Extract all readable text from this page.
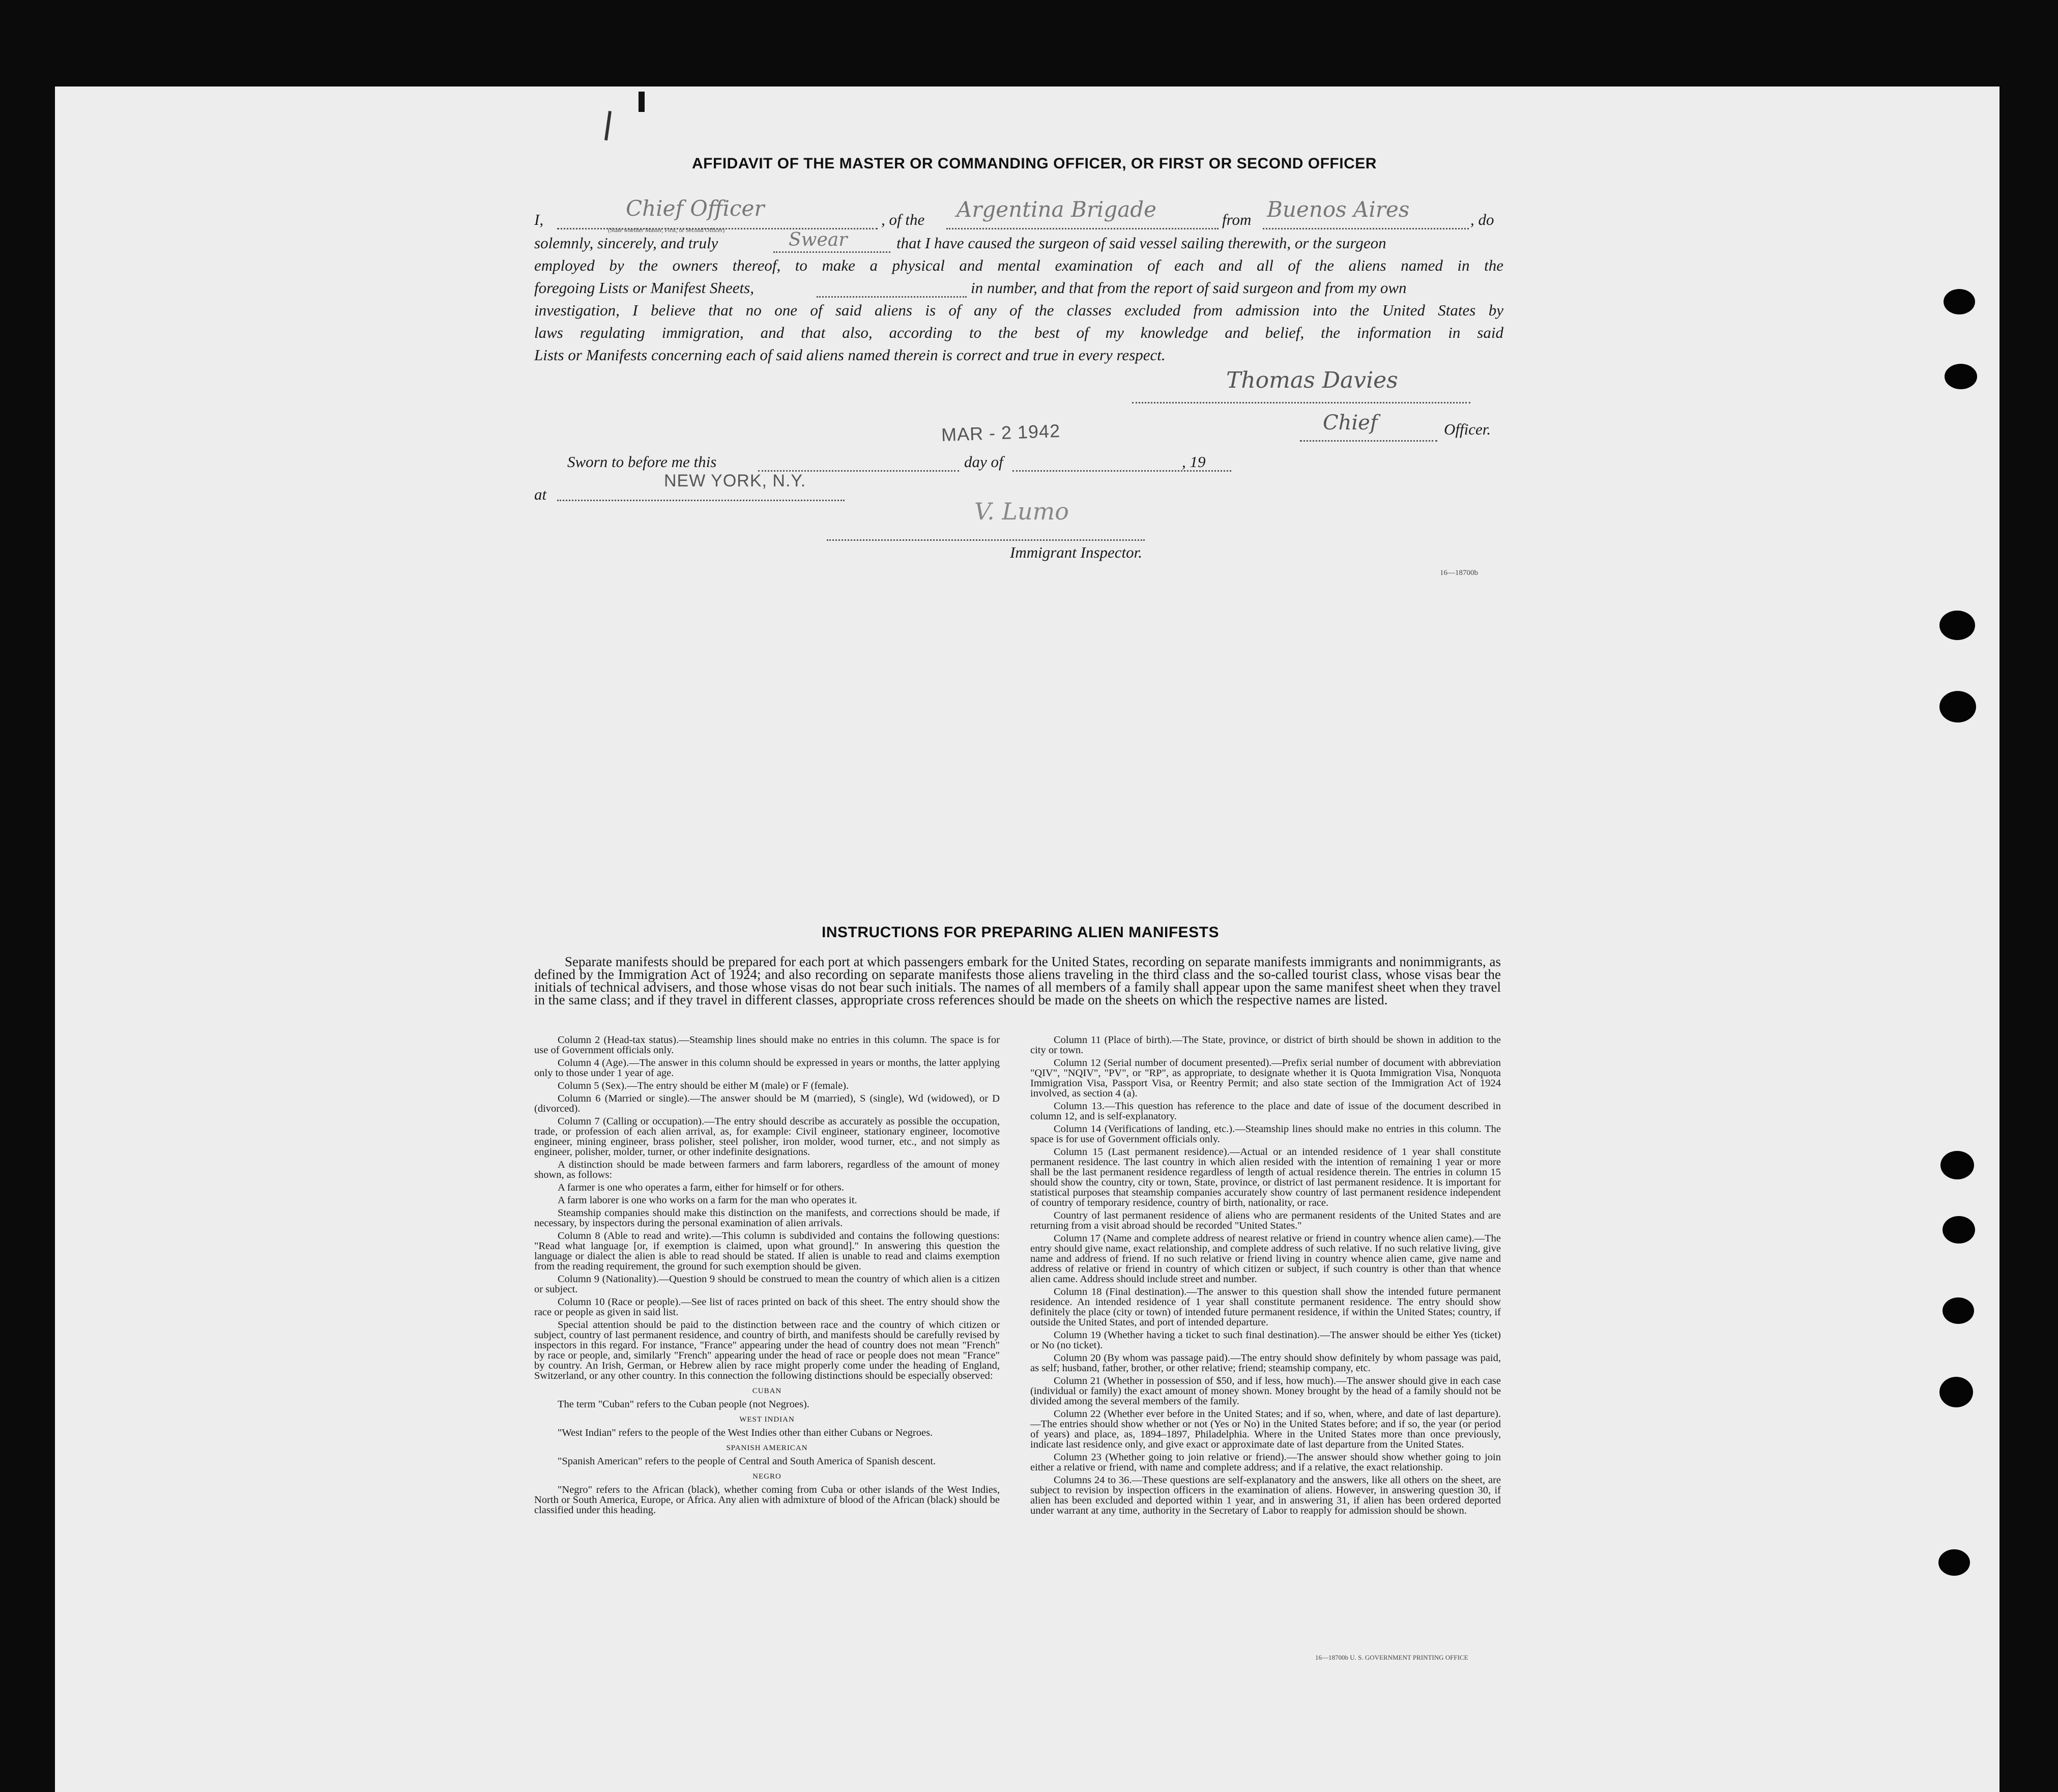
AFFIDAVIT OF THE MASTER OR COMMANDING OFFICER, OR FIRST OR SECOND OFFICER
I,	Chief Officer	, of the Argentina Brigade	from Buenos Aires	, do
(State whether Master, First, or Second Officer)
solemnly, sincerely, and truly	Swear	that I have caused the surgeon of said vessel sailing therewith, or the surgeon

employed by the owners thereof, to make a physical and mental examination of each and all of the aliens named in the

foregoing Lists or Manifest Sheets,	in number, and that from the report of said surgeon and from my own

investigation, I believe that no one of said aliens is of any of the classes excluded from admission into the United States by

laws regulating immigration, and that also, according to the best of my knowledge and belief, the information in said

Lists or Manifests concerning each of said aliens named therein is correct and true in every respect.
Thomas Davies
Chief	Officer.
MAR - 2 1942
Sworn to before me this	day of	, 19
at
NEW YORK, N.Y.
V. Lumo
Immigrant Inspector.
16—18700b
INSTRUCTIONS FOR PREPARING ALIEN MANIFESTS
Separate manifests should be prepared for each port at which passengers embark for the United States, recording on separate manifests immigrants and nonimmigrants, as defined by the Immigration Act of 1924; and also recording on separate manifests those aliens traveling in the third class and the so-called tourist class, whose visas bear the initials of technical advisers, and those whose visas do not bear such initials. The names of all members of a family shall appear upon the same manifest sheet when they travel in the same class; and if they travel in different classes, appropriate cross references should be made on the sheets on which the respective names are listed.

Column 2 (Head-tax status).—Steamship lines should make no entries in this column. The space is for use of Government officials only.

Column 4 (Age).—The answer in this column should be expressed in years or months, the latter applying only to those under 1 year of age.

Column 5 (Sex).—The entry should be either M (male) or F (female).

Column 6 (Married or single).—The answer should be M (married), S (single), Wd (widowed), or D (divorced).

Column 7 (Calling or occupation).—The entry should describe as accurately as possible the occupation, trade, or profession of each alien arrival, as, for example: Civil engineer, stationary engineer, locomotive engineer, mining engineer, brass polisher, steel polisher, iron molder, wood turner, etc., and not simply as engineer, polisher, molder, turner, or other indefinite designations.

A distinction should be made between farmers and farm laborers, regardless of the amount of money shown, as follows:

A farmer is one who operates a farm, either for himself or for others.

A farm laborer is one who works on a farm for the man who operates it.

Steamship companies should make this distinction on the manifests, and corrections should be made, if necessary, by inspectors during the personal examination of alien arrivals.

Column 8 (Able to read and write).—This column is subdivided and contains the following questions: "Read what language [or, if exemption is claimed, upon what ground]." In answering this question the language or dialect the alien is able to read should be stated. If alien is unable to read and claims exemption from the reading requirement, the ground for such exemption should be given.

Column 9 (Nationality).—Question 9 should be construed to mean the country of which alien is a citizen or subject.

Column 10 (Race or people).—See list of races printed on back of this sheet. The entry should show the race or people as given in said list.

Special attention should be paid to the distinction between race and the country of which citizen or subject, country of last permanent residence, and country of birth, and manifests should be carefully revised by inspectors in this regard. For instance, "France" appearing under the head of country does not mean "French" by race or people, and, similarly "French" appearing under the head of race or people does not mean "France" by country. An Irish, German, or Hebrew alien by race might properly come under the heading of England, Switzerland, or any other country. In this connection the following distinctions should be especially observed:

CUBAN

The term "Cuban" refers to the Cuban people (not Negroes).

WEST INDIAN

"West Indian" refers to the people of the West Indies other than either Cubans or Negroes.

SPANISH AMERICAN

"Spanish American" refers to the people of Central and South America of Spanish descent.

NEGRO

"Negro" refers to the African (black), whether coming from Cuba or other islands of the West Indies, North or South America, Europe, or Africa. Any alien with admixture of blood of the African (black) should be classified under this heading.

Column 11 (Place of birth).—The State, province, or district of birth should be shown in addition to the city or town.

Column 12 (Serial number of document presented).—Prefix serial number of document with abbreviation "QIV", "NQIV", "PV", or "RP", as appropriate, to designate whether it is Quota Immigration Visa, Nonquota Immigration Visa, Passport Visa, or Reentry Permit; and also state section of the Immigration Act of 1924 involved, as section 4 (a).

Column 13.—This question has reference to the place and date of issue of the document described in column 12, and is self-explanatory.

Column 14 (Verifications of landing, etc.).—Steamship lines should make no entries in this column. The space is for use of Government officials only.

Column 15 (Last permanent residence).—Actual or an intended residence of 1 year shall constitute permanent residence. The last country in which alien resided with the intention of remaining 1 year or more shall be the last permanent residence regardless of length of actual residence therein. The entries in column 15 should show the country, city or town, State, province, or district of last permanent residence. It is important for statistical purposes that steamship companies accurately show country of last permanent residence independent of country of temporary residence, country of birth, nationality, or race.

Country of last permanent residence of aliens who are permanent residents of the United States and are returning from a visit abroad should be recorded "United States."

Column 17 (Name and complete address of nearest relative or friend in country whence alien came).—The entry should give name, exact relationship, and complete address of such relative. If no such relative living, give name and address of friend. If no such relative or friend living in country whence alien came, give name and address of relative or friend in country of which citizen or subject, if such country is other than that whence alien came. Address should include street and number.

Column 18 (Final destination).—The answer to this question shall show the intended future permanent residence. An intended residence of 1 year shall constitute permanent residence. The entry should show definitely the place (city or town) of intended future permanent residence, if within the United States; country, if outside the United States, and port of intended departure.

Column 19 (Whether having a ticket to such final destination).—The answer should be either Yes (ticket) or No (no ticket).

Column 20 (By whom was passage paid).—The entry should show definitely by whom passage was paid, as self; husband, father, brother, or other relative; friend; steamship company, etc.

Column 21 (Whether in possession of $50, and if less, how much).—The answer should give in each case (individual or family) the exact amount of money shown. Money brought by the head of a family should not be divided among the several members of the family.

Column 22 (Whether ever before in the United States; and if so, when, where, and date of last departure).—The entries should show whether or not (Yes or No) in the United States before; and if so, the year (or period of years) and place, as, 1894–1897, Philadelphia. Where in the United States more than once previously, indicate last residence only, and give exact or approximate date of last departure from the United States.

Column 23 (Whether going to join relative or friend).—The answer should show whether going to join either a relative or friend, with name and complete address; and if a relative, the exact relationship.

Columns 24 to 36.—These questions are self-explanatory and the answers, like all others on the sheet, are subject to revision by inspection officers in the examination of aliens. However, in answering question 30, if alien has been excluded and deported within 1 year, and in answering 31, if alien has been ordered deported under warrant at any time, authority in the Secretary of Labor to reapply for admission should be shown.

16—18700b U. S. GOVERNMENT PRINTING OFFICE
